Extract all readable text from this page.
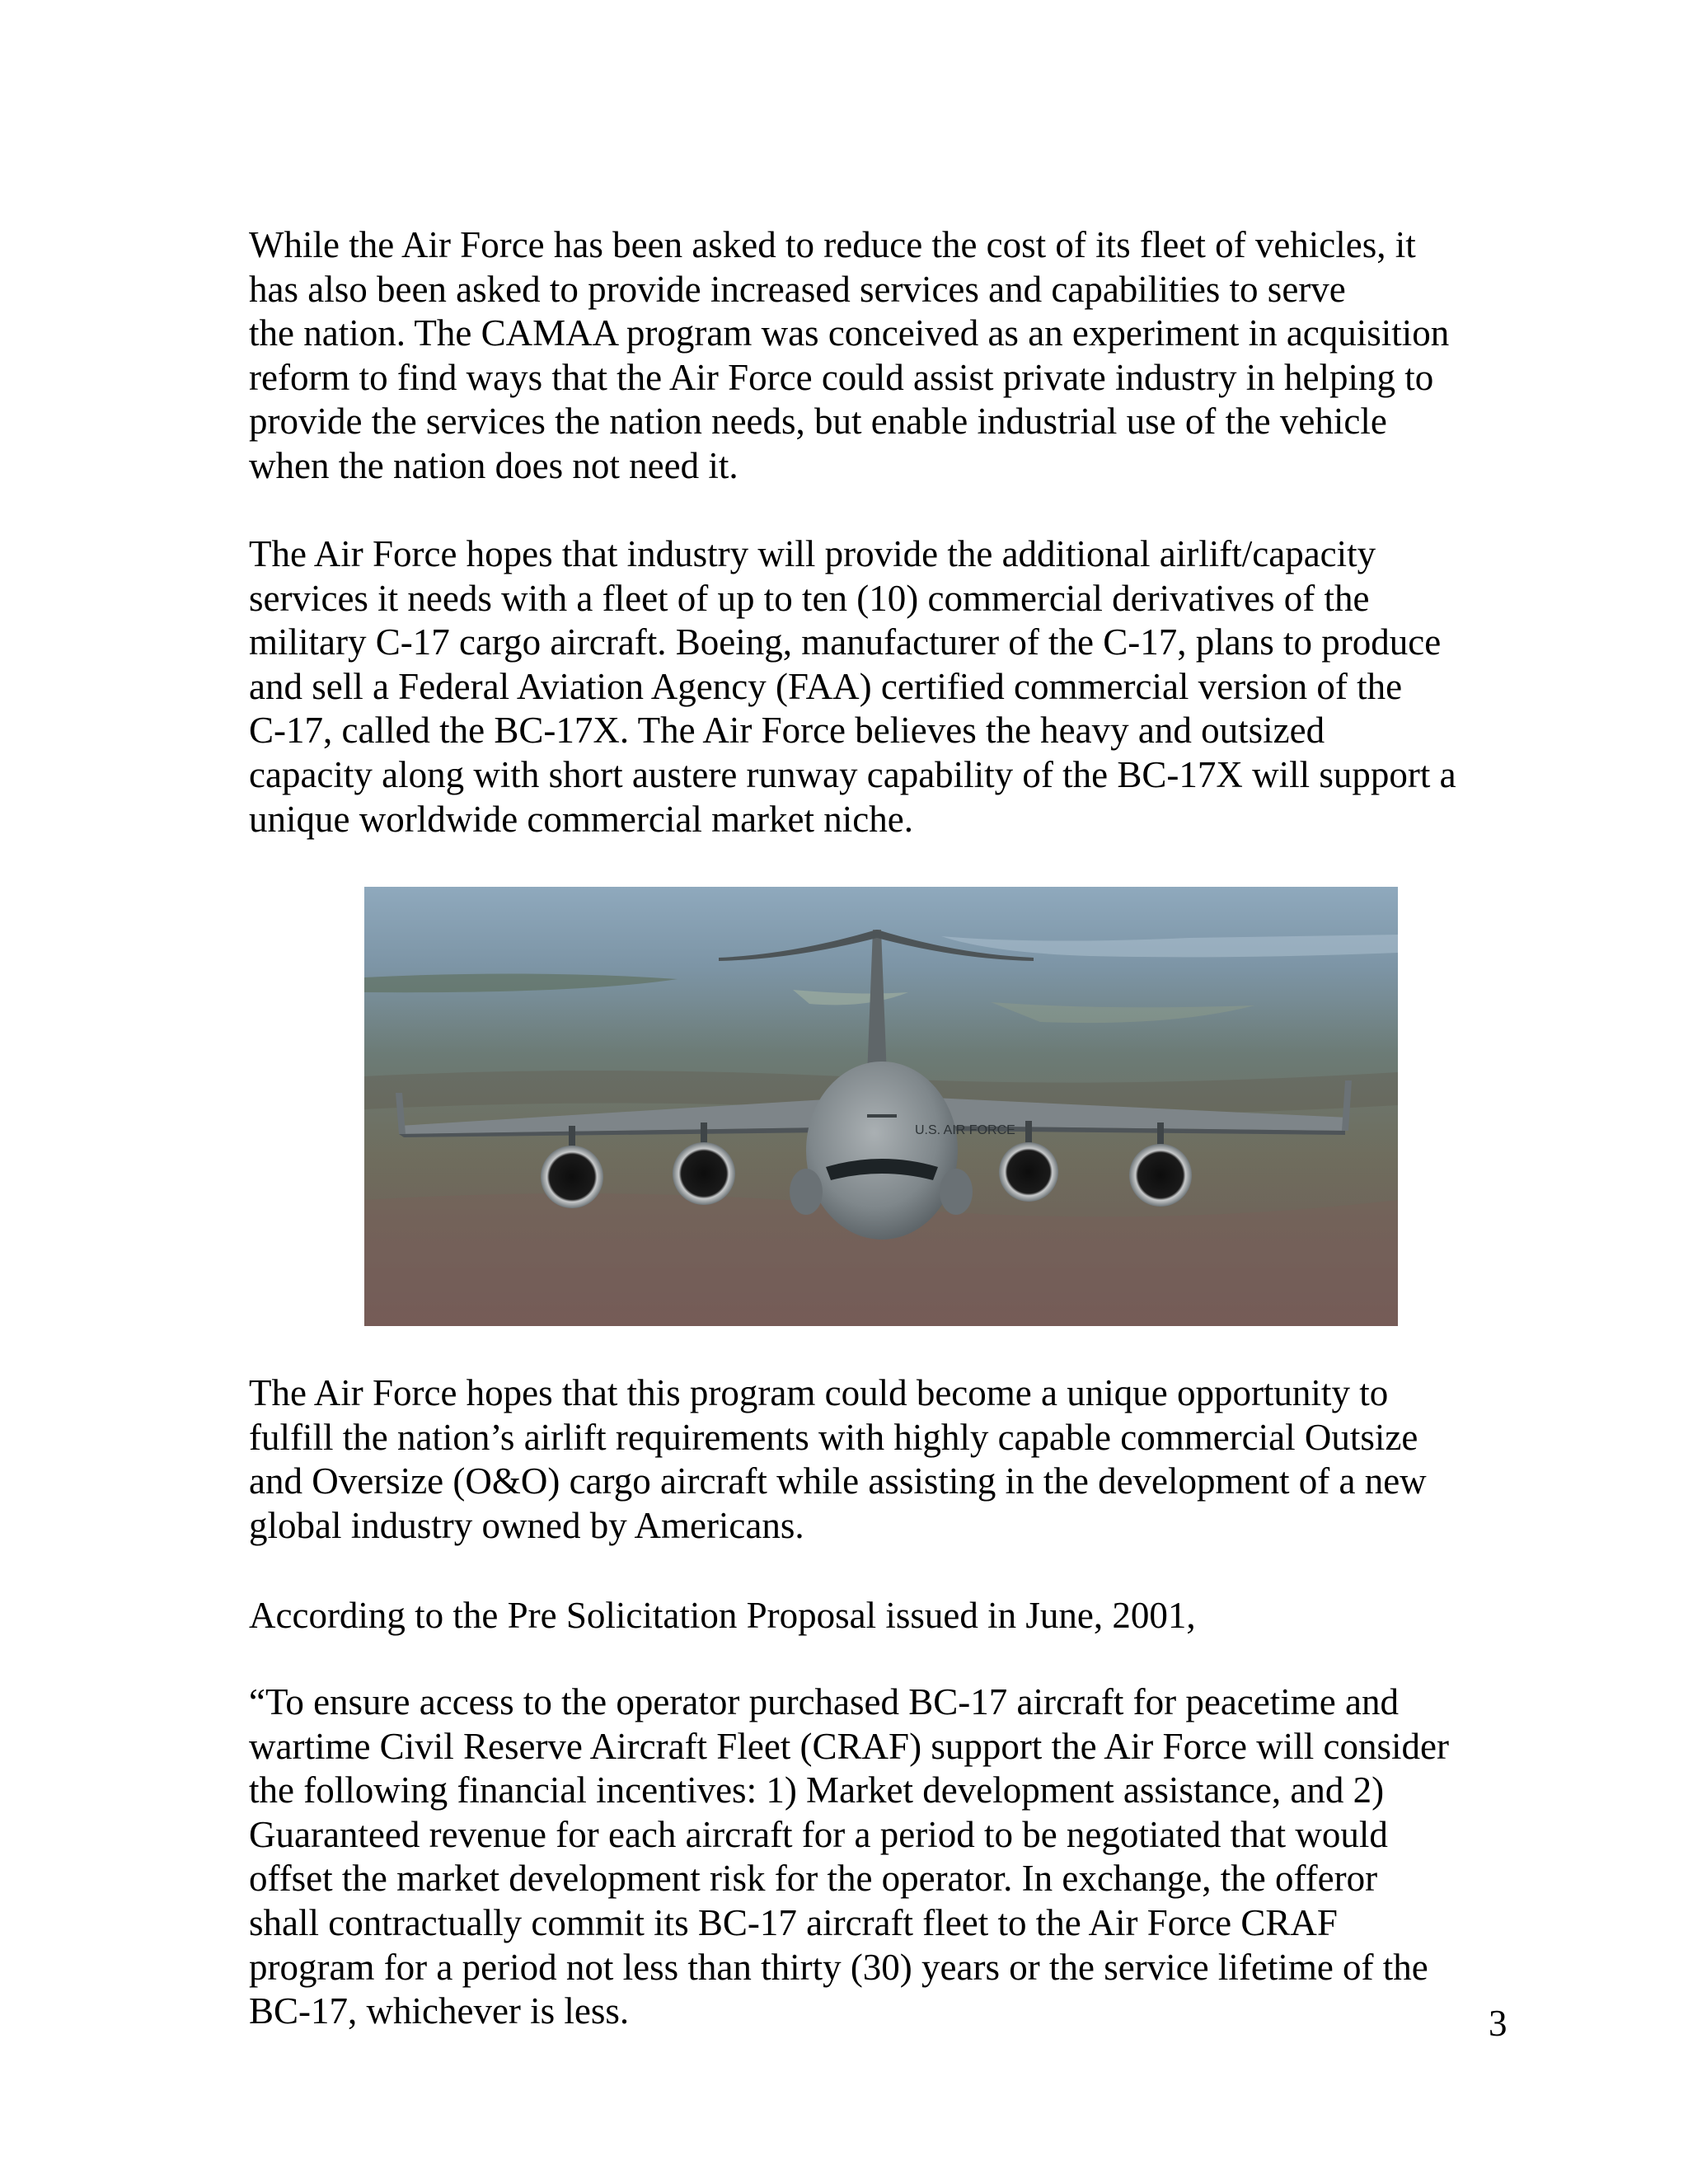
While the Air Force has been asked to reduce the cost of its fleet of vehicles, it
has also been asked to provide increased services and capabilities to serve
the nation. The CAMAA program was conceived as an experiment in acquisition
reform to find ways that the Air Force could assist private industry in helping to
provide the services the nation needs, but enable industrial use of the vehicle
when the nation does not need it.

The Air Force hopes that industry will provide the additional airlift/capacity
services it needs with a fleet of up to ten (10) commercial derivatives of the
military C-17 cargo aircraft. Boeing, manufacturer of the C-17, plans to produce
and sell a Federal Aviation Agency (FAA) certified commercial version of the
C-17, called the BC-17X. The Air Force believes the heavy and outsized
capacity along with short austere runway capability of the BC-17X will support a
unique worldwide commercial market niche.

U.S. AIR FORCE

The Air Force hopes that this program could become a unique opportunity to
fulfill the nation’s airlift requirements with highly capable commercial Outsize
and Oversize (O&O) cargo aircraft while assisting in the development of a new
global industry owned by Americans.

According to the Pre Solicitation Proposal issued in June, 2001,

“To ensure access to the operator purchased BC-17 aircraft for peacetime and
wartime Civil Reserve Aircraft Fleet (CRAF) support the Air Force will consider
the following financial incentives: 1) Market development assistance, and 2)
Guaranteed revenue for each aircraft for a period to be negotiated that would
offset the market development risk for the operator. In exchange, the offeror
shall contractually commit its BC-17 aircraft fleet to the Air Force CRAF
program for a period not less than thirty (30) years or the service lifetime of the
BC-17, whichever is less.	3
